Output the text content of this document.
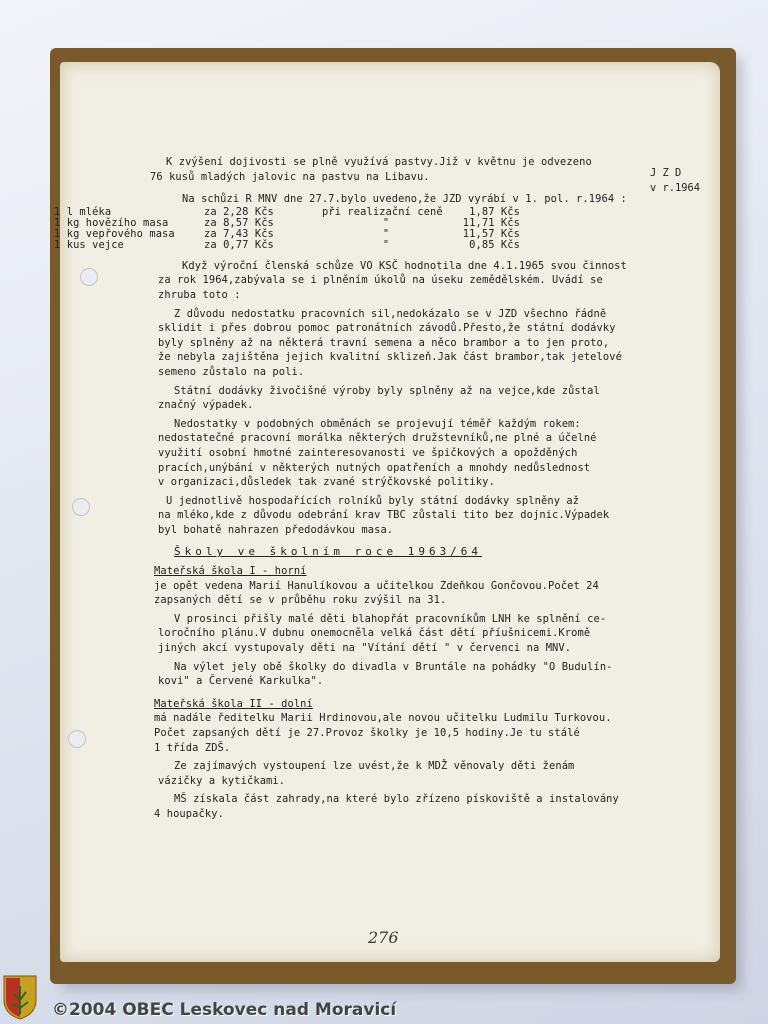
J Z D
v r.1964
K zvýšení dojivosti se plně využívá pastvy.Již v květnu je odvezeno
76 kusů mladých jalovic na pastvu na Libavu.
Na schůzi R MNV dne 27.7.bylo uvedeno,že JZD vyrábí v 1. pol. r.1964 :
1 l mléka	za 2,28 Kčs	při realizační ceně	1,87 Kčs
1 kg hovězího masa	za 8,57 Kčs	"	11,71 Kčs
1 kg vepřového masa	za 7,43 Kčs	"	11,57 Kčs
1 kus vejce	za 0,77 Kčs	"	0,85 Kčs
Když výroční členská schůze VO KSČ hodnotila dne 4.1.1965 svou činnost
za rok 1964,zabývala se i plněním úkolů na úseku zemědělském. Uvádí se
zhruba toto :
Z důvodu nedostatku pracovních sil,nedokázalo se v JZD všechno řádně
sklidit i přes dobrou pomoc patronátních závodů.Přesto,že státní dodávky
byly splněny až na některá travní semena a něco brambor a to jen proto,
že nebyla zajištěna jejich kvalitní sklizeň.Jak část brambor,tak jetelové
semeno zůstalo na poli.
Státní dodávky živočišné výroby byly splněny až na vejce,kde zůstal
značný výpadek.
Nedostatky v podobných obměnách se projevují téměř každým rokem:
nedostatečné pracovní morálka některých družstevníků,ne plné a účelné
využití osobní hmotné zainteresovanosti ve špičkových a opožděných
pracích,unýbání v některých nutných opatřeních a mnohdy nedůslednost
v organizaci,důsledek tak zvané strýčkovské politiky.
U jednotlivě hospodařících rolníků byly státní dodávky splněny až
na mléko,kde z důvodu odebrání krav TBC zůstali tito bez dojnic.Výpadek
byl bohatě nahrazen předodávkou masa.
Školy ve školním roce 1963/64
Mateřská škola I - horní
je opět vedena Marií Hanulíkovou a učitelkou Zdeňkou Gončovou.Počet 24
zapsaných dětí se v průběhu roku zvýšil na 31.
V prosinci přišly malé děti blahopřát pracovníkům LNH ke splnění ce-
loročního plánu.V dubnu onemocněla velká část dětí příušnicemi.Kromě
jiných akcí vystupovaly děti na "Vítání dětí " v červenci na MNV.
Na výlet jely obě školky do divadla v Bruntále na pohádky "O Budulín-
kovi" a Červené Karkulka".
Mateřská škola II - dolní
má nadále ředitelku Marii Hrdinovou,ale novou učitelku Ludmilu Turkovou.
Počet zapsaných dětí je 27.Provoz školky je 10,5 hodiny.Je tu stálé
1 třída ZDŠ.
Ze zajímavých vystoupení lze uvést,že k MDŽ věnovaly děti ženám
vázičky a kytičkami.
MŠ získala část zahrady,na které bylo zřízeno pískoviště a instalovány
4 houpačky.
276
©2004 OBEC Leskovec nad Moravicí
